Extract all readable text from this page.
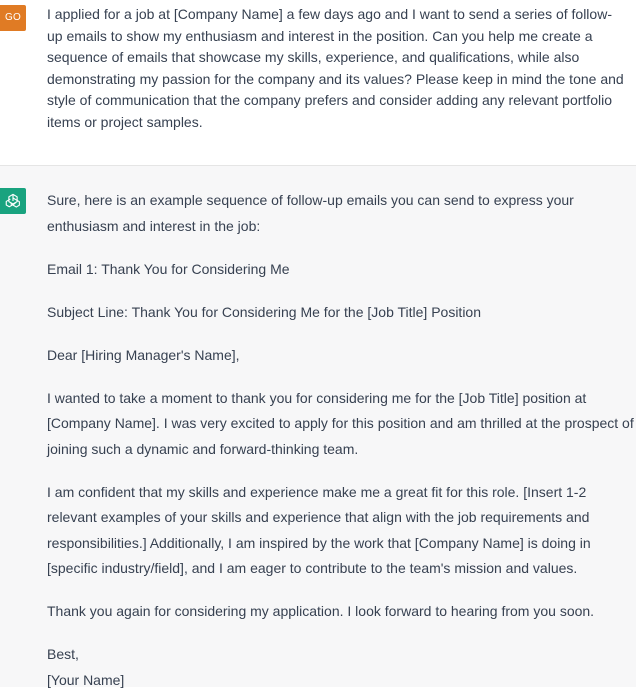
GO	I applied for a job at [Company Name] a few days ago and I want to send a series of follow-up emails to show my enthusiasm and interest in the position. Can you help me create a sequence of emails that showcase my skills, experience, and qualifications, while also demonstrating my passion for the company and its values? Please keep in mind the tone and style of communication that the company prefers and consider adding any relevant portfolio items or project samples.

Sure, here is an example sequence of follow-up emails you can send to express your enthusiasm and interest in the job:

Email 1: Thank You for Considering Me

Subject Line: Thank You for Considering Me for the [Job Title] Position

Dear [Hiring Manager's Name],

I wanted to take a moment to thank you for considering me for the [Job Title] position at [Company Name]. I was very excited to apply for this position and am thrilled at the prospect of joining such a dynamic and forward-thinking team.

I am confident that my skills and experience make me a great fit for this role. [Insert 1-2 relevant examples of your skills and experience that align with the job requirements and responsibilities.] Additionally, I am inspired by the work that [Company Name] is doing in [specific industry/field], and I am eager to contribute to the team's mission and values.

Thank you again for considering my application. I look forward to hearing from you soon.

Best,

[Your Name]
